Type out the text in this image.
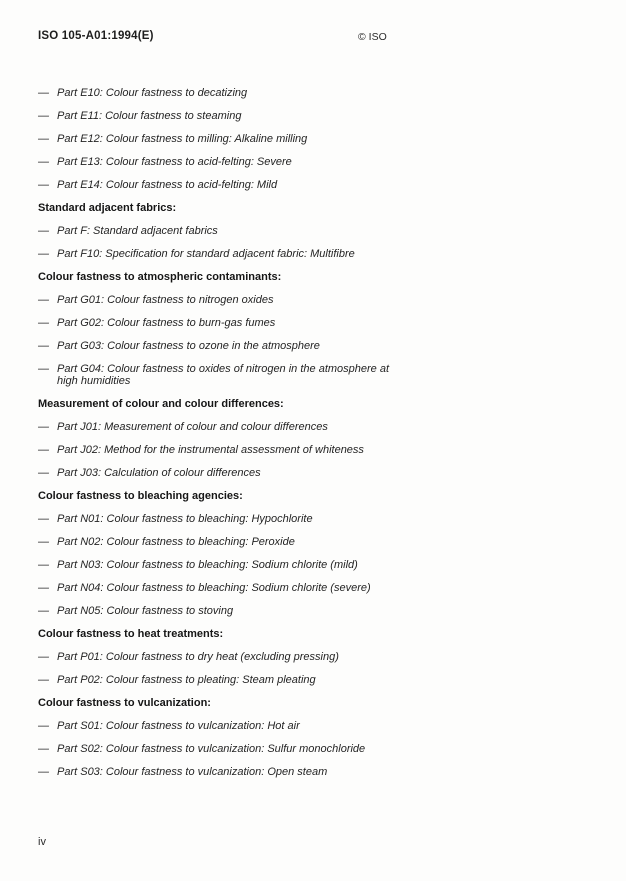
ISO 105-A01:1994(E)	© ISO
— Part E10: Colour fastness to decatizing
— Part E11: Colour fastness to steaming
— Part E12: Colour fastness to milling: Alkaline milling
— Part E13: Colour fastness to acid-felting: Severe
— Part E14: Colour fastness to acid-felting: Mild
Standard adjacent fabrics:
— Part F: Standard adjacent fabrics
— Part F10: Specification for standard adjacent fabric: Multifibre
Colour fastness to atmospheric contaminants:
— Part G01: Colour fastness to nitrogen oxides
— Part G02: Colour fastness to burn-gas fumes
— Part G03: Colour fastness to ozone in the atmosphere
— Part G04: Colour fastness to oxides of nitrogen in the atmosphere at high humidities
Measurement of colour and colour differences:
— Part J01: Measurement of colour and colour differences
— Part J02: Method for the instrumental assessment of whiteness
— Part J03: Calculation of colour differences
Colour fastness to bleaching agencies:
— Part N01: Colour fastness to bleaching: Hypochlorite
— Part N02: Colour fastness to bleaching: Peroxide
— Part N03: Colour fastness to bleaching: Sodium chlorite (mild)
— Part N04: Colour fastness to bleaching: Sodium chlorite (severe)
— Part N05: Colour fastness to stoving
Colour fastness to heat treatments:
— Part P01: Colour fastness to dry heat (excluding pressing)
— Part P02: Colour fastness to pleating: Steam pleating
Colour fastness to vulcanization:
— Part S01: Colour fastness to vulcanization: Hot air
— Part S02: Colour fastness to vulcanization: Sulfur monochloride
— Part S03: Colour fastness to vulcanization: Open steam
iv
